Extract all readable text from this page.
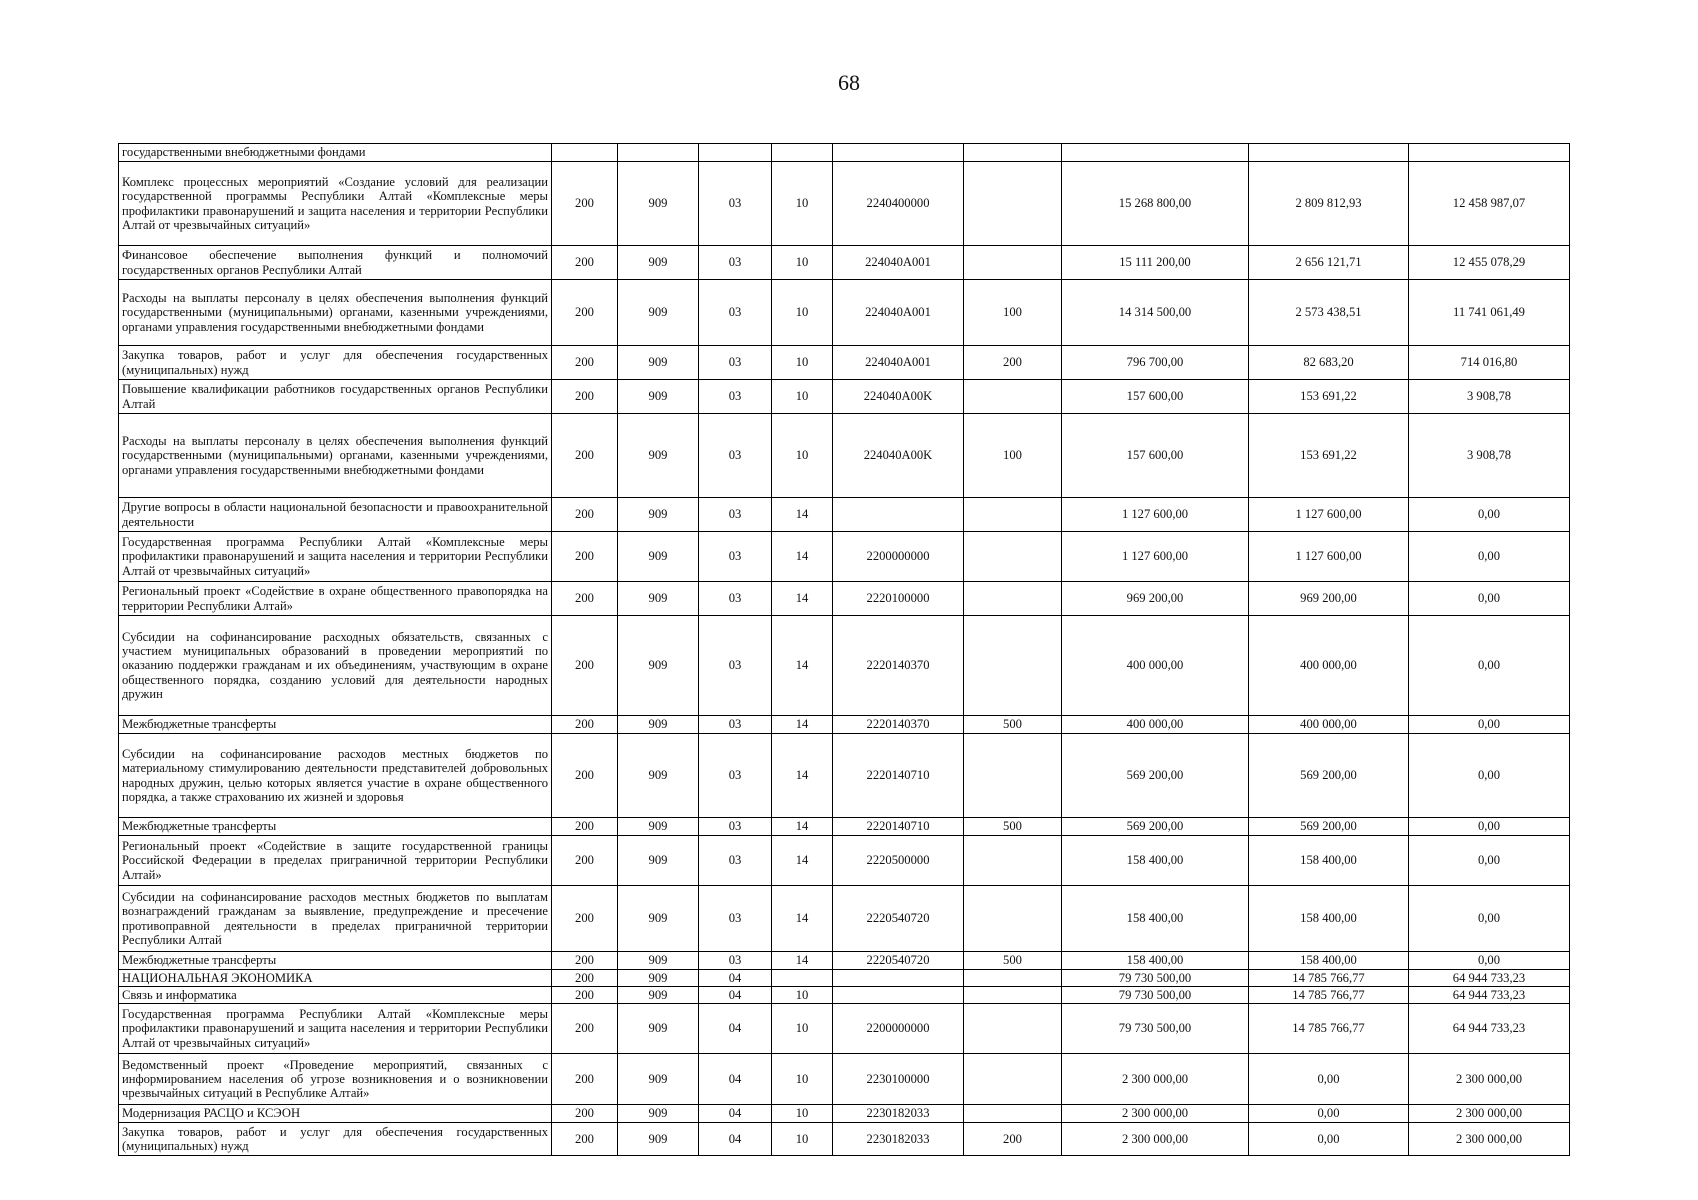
68
государственными внебюджетными фондами									
Комплекс процессных мероприятий «Создание условий для реализации государственной программы Республики Алтай «Комплексные меры профилактики правонарушений и защита населения и территории Республики Алтай от чрезвычайных ситуаций»	200	909	03	10	2240400000		15 268 800,00	2 809 812,93	12 458 987,07
Финансовое обеспечение выполнения функций и полномочий государственных органов Республики Алтай	200	909	03	10	224040A001		15 111 200,00	2 656 121,71	12 455 078,29
Расходы на выплаты персоналу в целях обеспечения выполнения функций государственными (муниципальными) органами, казенными учреждениями, органами управления государственными внебюджетными фондами	200	909	03	10	224040A001	100	14 314 500,00	2 573 438,51	11 741 061,49
Закупка товаров, работ и услуг для обеспечения государственных (муниципальных) нужд	200	909	03	10	224040A001	200	796 700,00	82 683,20	714 016,80
Повышение квалификации работников государственных органов Республики Алтай	200	909	03	10	224040A00K		157 600,00	153 691,22	3 908,78
Расходы на выплаты персоналу в целях обеспечения выполнения функций государственными (муниципальными) органами, казенными учреждениями, органами управления государственными внебюджетными фондами	200	909	03	10	224040A00K	100	157 600,00	153 691,22	3 908,78
Другие вопросы в области национальной безопасности и правоохранительной деятельности	200	909	03	14			1 127 600,00	1 127 600,00	0,00
Государственная программа Республики Алтай «Комплексные меры профилактики правонарушений и защита населения и территории Республики Алтай от чрезвычайных ситуаций»	200	909	03	14	2200000000		1 127 600,00	1 127 600,00	0,00
Региональный проект «Содействие в охране общественного правопорядка на территории Республики Алтай»	200	909	03	14	2220100000		969 200,00	969 200,00	0,00
Субсидии на софинансирование расходных обязательств, связанных с участием муниципальных образований в проведении мероприятий по оказанию поддержки гражданам и их объединениям, участвующим в охране общественного порядка, созданию условий для деятельности народных дружин	200	909	03	14	2220140370		400 000,00	400 000,00	0,00
Межбюджетные трансферты	200	909	03	14	2220140370	500	400 000,00	400 000,00	0,00
Субсидии на софинансирование расходов местных бюджетов по материальному стимулированию деятельности представителей добровольных народных дружин, целью которых является участие в охране общественного порядка, а также страхованию их жизней и здоровья	200	909	03	14	2220140710		569 200,00	569 200,00	0,00
Межбюджетные трансферты	200	909	03	14	2220140710	500	569 200,00	569 200,00	0,00
Региональный проект «Содействие в защите государственной границы Российской Федерации в пределах приграничной территории Республики Алтай»	200	909	03	14	2220500000		158 400,00	158 400,00	0,00
Субсидии на софинансирование расходов местных бюджетов по выплатам вознаграждений гражданам за выявление, предупреждение и пресечение противоправной деятельности в пределах приграничной территории Республики Алтай	200	909	03	14	2220540720		158 400,00	158 400,00	0,00
Межбюджетные трансферты	200	909	03	14	2220540720	500	158 400,00	158 400,00	0,00
НАЦИОНАЛЬНАЯ ЭКОНОМИКА	200	909	04				79 730 500,00	14 785 766,77	64 944 733,23
Связь и информатика	200	909	04	10			79 730 500,00	14 785 766,77	64 944 733,23
Государственная программа Республики Алтай «Комплексные меры профилактики правонарушений и защита населения и территории Республики Алтай от чрезвычайных ситуаций»	200	909	04	10	2200000000		79 730 500,00	14 785 766,77	64 944 733,23
Ведомственный проект «Проведение мероприятий, связанных с информированием населения об угрозе возникновения и о возникновении чрезвычайных ситуаций в Республике Алтай»	200	909	04	10	2230100000		2 300 000,00	0,00	2 300 000,00
Модернизация РАСЦО и КСЭОН	200	909	04	10	2230182033		2 300 000,00	0,00	2 300 000,00
Закупка товаров, работ и услуг для обеспечения государственных (муниципальных) нужд	200	909	04	10	2230182033	200	2 300 000,00	0,00	2 300 000,00
